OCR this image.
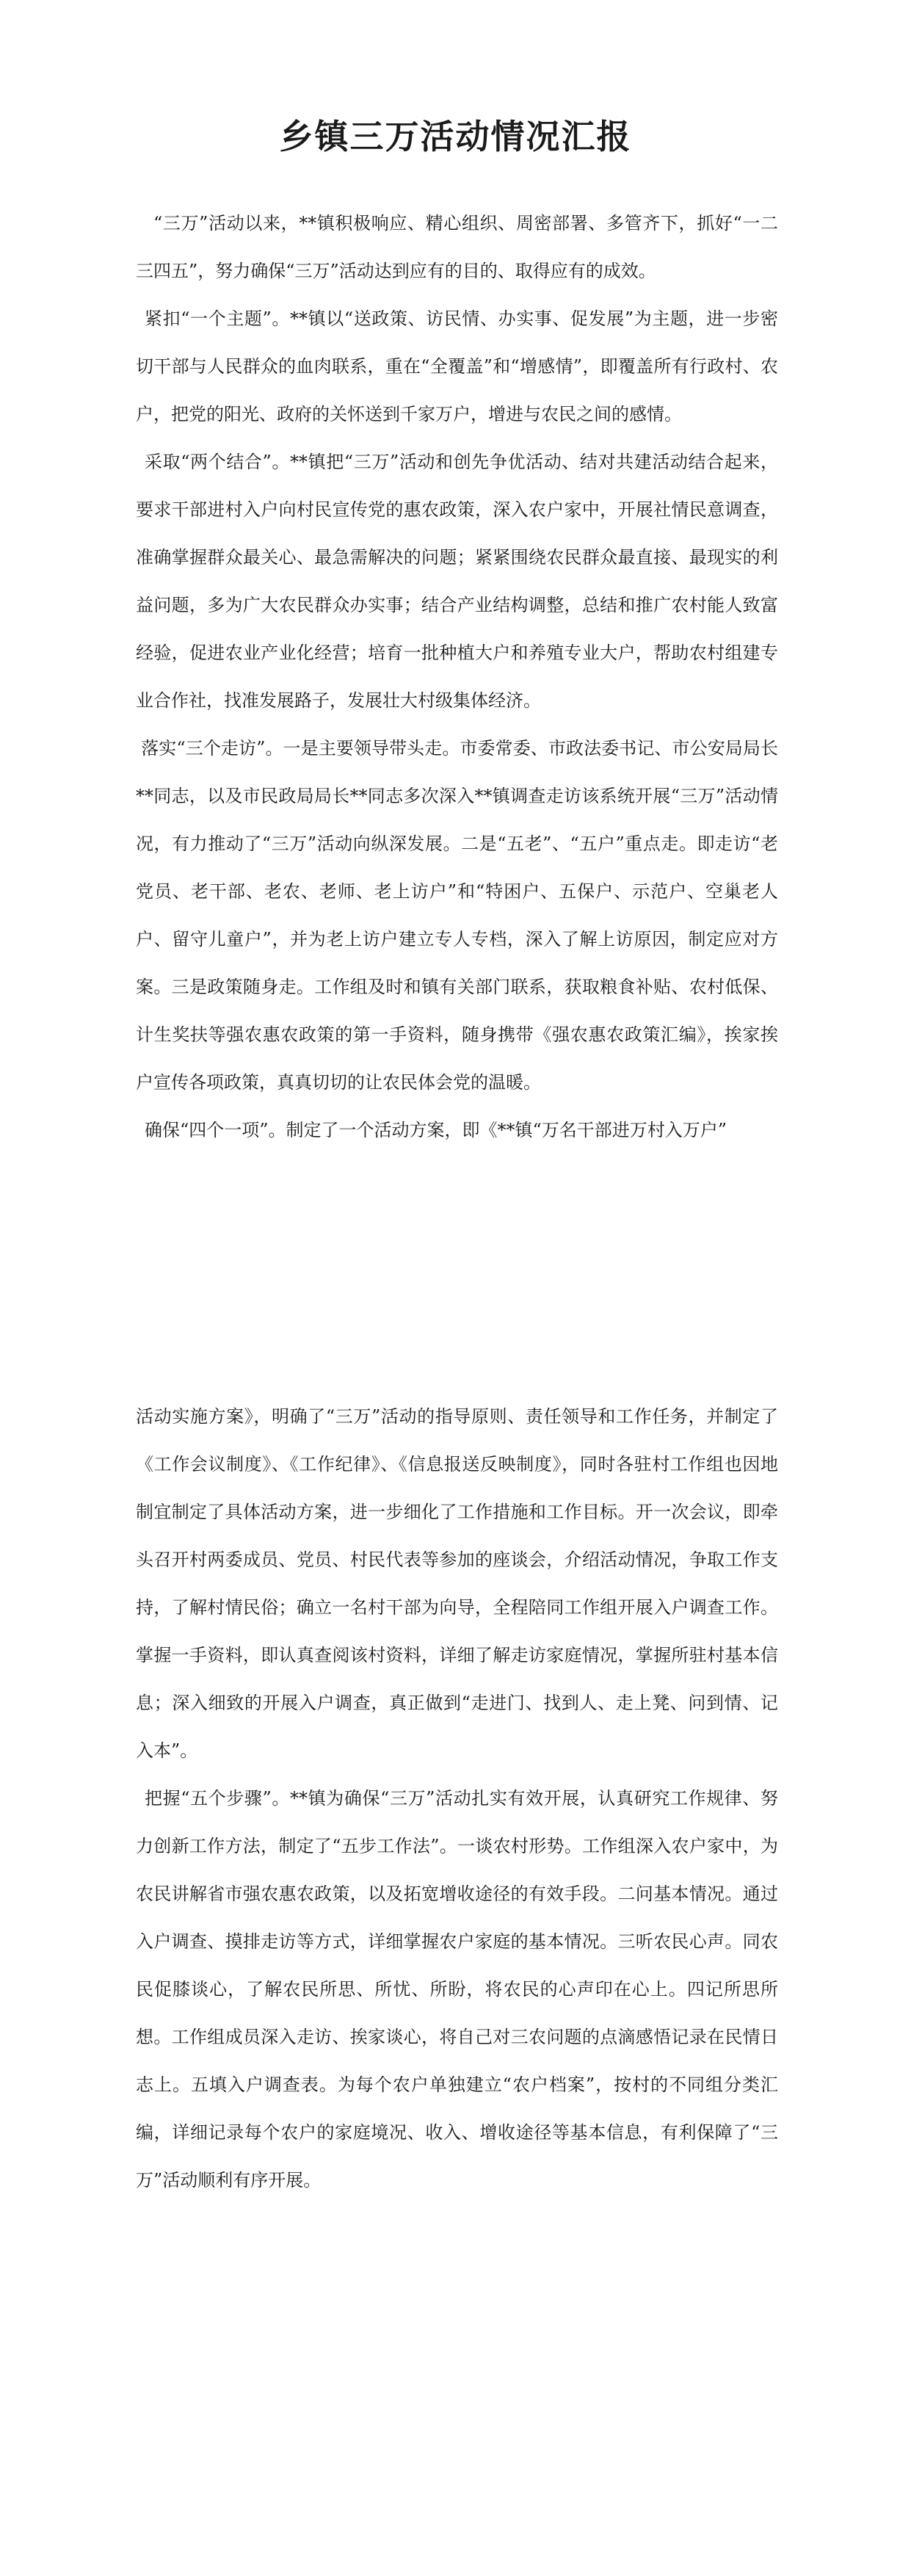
乡镇三万活动情况汇报

“三万”活动以来，**镇积极响应、精心组织、周密部署、多管齐下，抓好“一二三四五”，努力确保“三万”活动达到应有的目的、取得应有的成效。

紧扣“一个主题”。**镇以“送政策、访民情、办实事、促发展”为主题，进一步密切干部与人民群众的血肉联系，重在“全覆盖”和“增感情”，即覆盖所有行政村、农户，把党的阳光、政府的关怀送到千家万户，增进与农民之间的感情。

采取“两个结合”。**镇把“三万”活动和创先争优活动、结对共建活动结合起来，要求干部进村入户向村民宣传党的惠农政策，深入农户家中，开展社情民意调查，准确掌握群众最关心、最急需解决的问题；紧紧围绕农民群众最直接、最现实的利益问题，多为广大农民群众办实事；结合产业结构调整，总结和推广农村能人致富经验，促进农业产业化经营；培育一批种植大户和养殖专业大户，帮助农村组建专业合作社，找准发展路子，发展壮大村级集体经济。

落实“三个走访”。一是主要领导带头走。市委常委、市政法委书记、市公安局局长**同志，以及市民政局局长**同志多次深入**镇调查走访该系统开展“三万”活动情况，有力推动了“三万”活动向纵深发展。二是“五老”、“五户”重点走。即走访“老党员、老干部、老农、老师、老上访户”和“特困户、五保户、示范户、空巢老人户、留守儿童户”，并为老上访户建立专人专档，深入了解上访原因，制定应对方案。三是政策随身走。工作组及时和镇有关部门联系，获取粮食补贴、农村低保、计生奖扶等强农惠农政策的第一手资料，随身携带《强农惠农政策汇编》，挨家挨户宣传各项政策，真真切切的让农民体会党的温暖。

确保“四个一项”。制定了一个活动方案，即《**镇“万名干部进万村入万户”

活动实施方案》，明确了“三万”活动的指导原则、责任领导和工作任务，并制定了《工作会议制度》、《工作纪律》、《信息报送反映制度》，同时各驻村工作组也因地制宜制定了具体活动方案，进一步细化了工作措施和工作目标。开一次会议，即牵头召开村两委成员、党员、村民代表等参加的座谈会，介绍活动情况，争取工作支持，了解村情民俗；确立一名村干部为向导，全程陪同工作组开展入户调查工作。掌握一手资料，即认真查阅该村资料，详细了解走访家庭情况，掌握所驻村基本信息；深入细致的开展入户调查，真正做到“走进门、找到人、走上凳、问到情、记入本”。

把握“五个步骤”。**镇为确保“三万”活动扎实有效开展，认真研究工作规律、努力创新工作方法，制定了“五步工作法”。一谈农村形势。工作组深入农户家中，为农民讲解省市强农惠农政策，以及拓宽增收途径的有效手段。二问基本情况。通过入户调查、摸排走访等方式，详细掌握农户家庭的基本情况。三听农民心声。同农民促膝谈心，了解农民所思、所忧、所盼，将农民的心声印在心上。四记所思所想。工作组成员深入走访、挨家谈心，将自己对三农问题的点滴感悟记录在民情日志上。五填入户调查表。为每个农户单独建立“农户档案”，按村的不同组分类汇编，详细记录每个农户的家庭境况、收入、增收途径等基本信息，有利保障了“三万”活动顺利有序开展。
